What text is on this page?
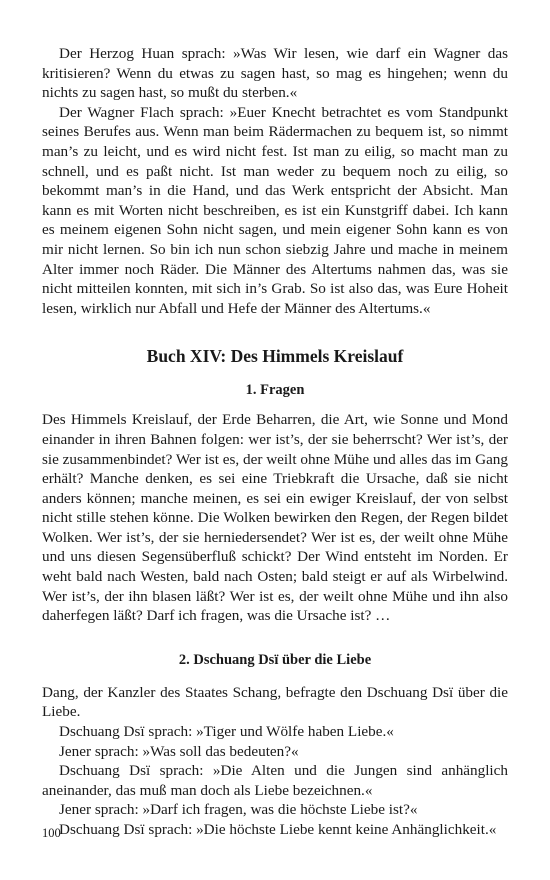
Der Herzog Huan sprach: »Was Wir lesen, wie darf ein Wagner das kritisieren? Wenn du etwas zu sagen hast, so mag es hingehen; wenn du nichts zu sagen hast, so mußt du sterben.«

Der Wagner Flach sprach: »Euer Knecht betrachtet es vom Standpunkt seines Berufes aus. Wenn man beim Rädermachen zu bequem ist, so nimmt man’s zu leicht, und es wird nicht fest. Ist man zu eilig, so macht man zu schnell, und es paßt nicht. Ist man weder zu bequem noch zu eilig, so bekommt man’s in die Hand, und das Werk entspricht der Absicht. Man kann es mit Worten nicht beschreiben, es ist ein Kunstgriff dabei. Ich kann es meinem eigenen Sohn nicht sagen, und mein eigener Sohn kann es von mir nicht lernen. So bin ich nun schon siebzig Jahre und mache in meinem Alter immer noch Räder. Die Männer des Altertums nahmen das, was sie nicht mitteilen konnten, mit sich in’s Grab. So ist also das, was Eure Hoheit lesen, wirklich nur Abfall und Hefe der Männer des Altertums.«

Buch XIV: Des Himmels Kreislauf
1. Fragen

Des Himmels Kreislauf, der Erde Beharren, die Art, wie Sonne und Mond einander in ihren Bahnen folgen: wer ist’s, der sie beherrscht? Wer ist’s, der sie zusammenbindet? Wer ist es, der weilt ohne Mühe und alles das im Gang erhält? Manche denken, es sei eine Triebkraft die Ursache, daß sie nicht anders können; manche meinen, es sei ein ewiger Kreislauf, der von selbst nicht stille stehen könne. Die Wolken bewirken den Regen, der Regen bildet Wolken. Wer ist’s, der sie herniedersendet? Wer ist es, der weilt ohne Mühe und uns diesen Segensüberfluß schickt? Der Wind entsteht im Norden. Er weht bald nach Westen, bald nach Osten; bald steigt er auf als Wirbelwind. Wer ist’s, der ihn blasen läßt? Wer ist es, der weilt ohne Mühe und ihn also daherfegen läßt? Darf ich fragen, was die Ursache ist? …

2. Dschuang Dsï über die Liebe

Dang, der Kanzler des Staates Schang, befragte den Dschuang Dsï über die Liebe.

Dschuang Dsï sprach: »Tiger und Wölfe haben Liebe.«

Jener sprach: »Was soll das bedeuten?«

Dschuang Dsï sprach: »Die Alten und die Jungen sind anhänglich aneinander, das muß man doch als Liebe bezeichnen.«

Jener sprach: »Darf ich fragen, was die höchste Liebe ist?«

Dschuang Dsï sprach: »Die höchste Liebe kennt keine Anhänglichkeit.«

100
